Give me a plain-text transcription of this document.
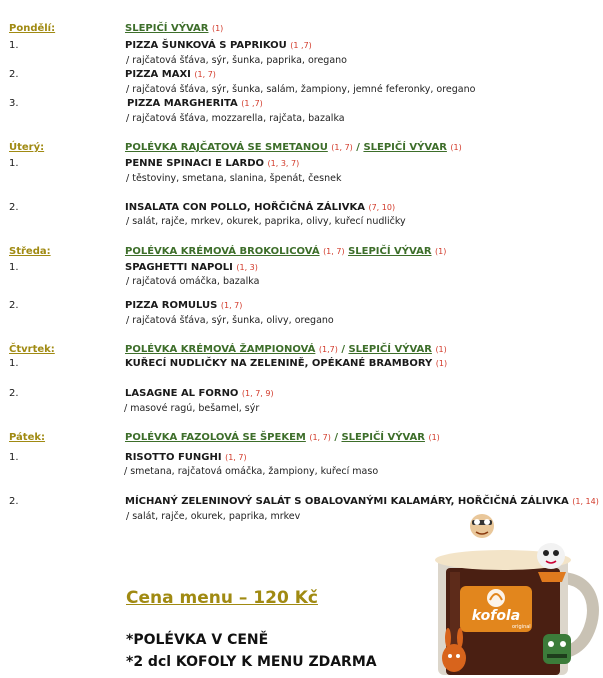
Pondělí:	SLEPIČÍ VÝVAR (1)
1.	PIZZA ŠUNKOVÁ S PAPRIKOU (1 ,7)
/ rajčatová šťáva, sýr, šunka, paprika, oregano
2.	PIZZA MAXI (1, 7)
/ rajčatová šťáva, sýr, šunka, salám, žampiony, jemné feferonky, oregano
3.	PIZZA MARGHERITA (1 ,7)
/ rajčatová šťáva, mozzarella, rajčata, bazalka
Úterý:	POLÉVKA RAJČATOVÁ SE SMETANOU (1, 7) / SLEPIČÍ VÝVAR (1)
1.	PENNE SPINACI E LARDO (1, 3, 7)
/ těstoviny, smetana, slanina, špenát, česnek
2.	INSALATA CON POLLO, HOŘČIČNÁ ZÁLIVKA (7, 10)
/ salát, rajče, mrkev, okurek, paprika, olivy, kuřecí nudličky
Středa:	POLÉVKA KRÉMOVÁ BROKOLICOVÁ (1, 7) SLEPIČÍ VÝVAR (1)
1.	SPAGHETTI NAPOLI (1, 3)
/ rajčatová omáčka, bazalka
2.	PIZZA ROMULUS (1, 7)
/ rajčatová šťáva, sýr, šunka, olivy, oregano
Čtvrtek:	POLÉVKA KRÉMOVÁ ŽAMPIONOVÁ (1,7) / SLEPIČÍ VÝVAR (1)
1.	KUŘECÍ NUDLIČKY NA ZELENINĚ, OPÉKANÉ BRAMBORY (1)
2.	LASAGNE AL FORNO (1, 7, 9)
/ masové ragú, bešamel, sýr
Pátek:	POLÉVKA FAZOLOVÁ SE ŠPEKEM (1, 7) / SLEPIČÍ VÝVAR (1)
1.	RISOTTO FUNGHI (1, 7)
/ smetana, rajčatová omáčka, žampiony, kuřecí maso
2.	MÍCHANÝ ZELENINOVÝ SALÁT S OBALOVANÝMI KALAMÁRY, HOŘČIČNÁ ZÁLIVKA (1, 14)
/ salát, rajče, okurek, paprika, mrkev
Cena menu – 120 Kč
*POLÉVKA V CENĚ
*2 dcl KOFOLY K MENU ZDARMA
kofola
original
